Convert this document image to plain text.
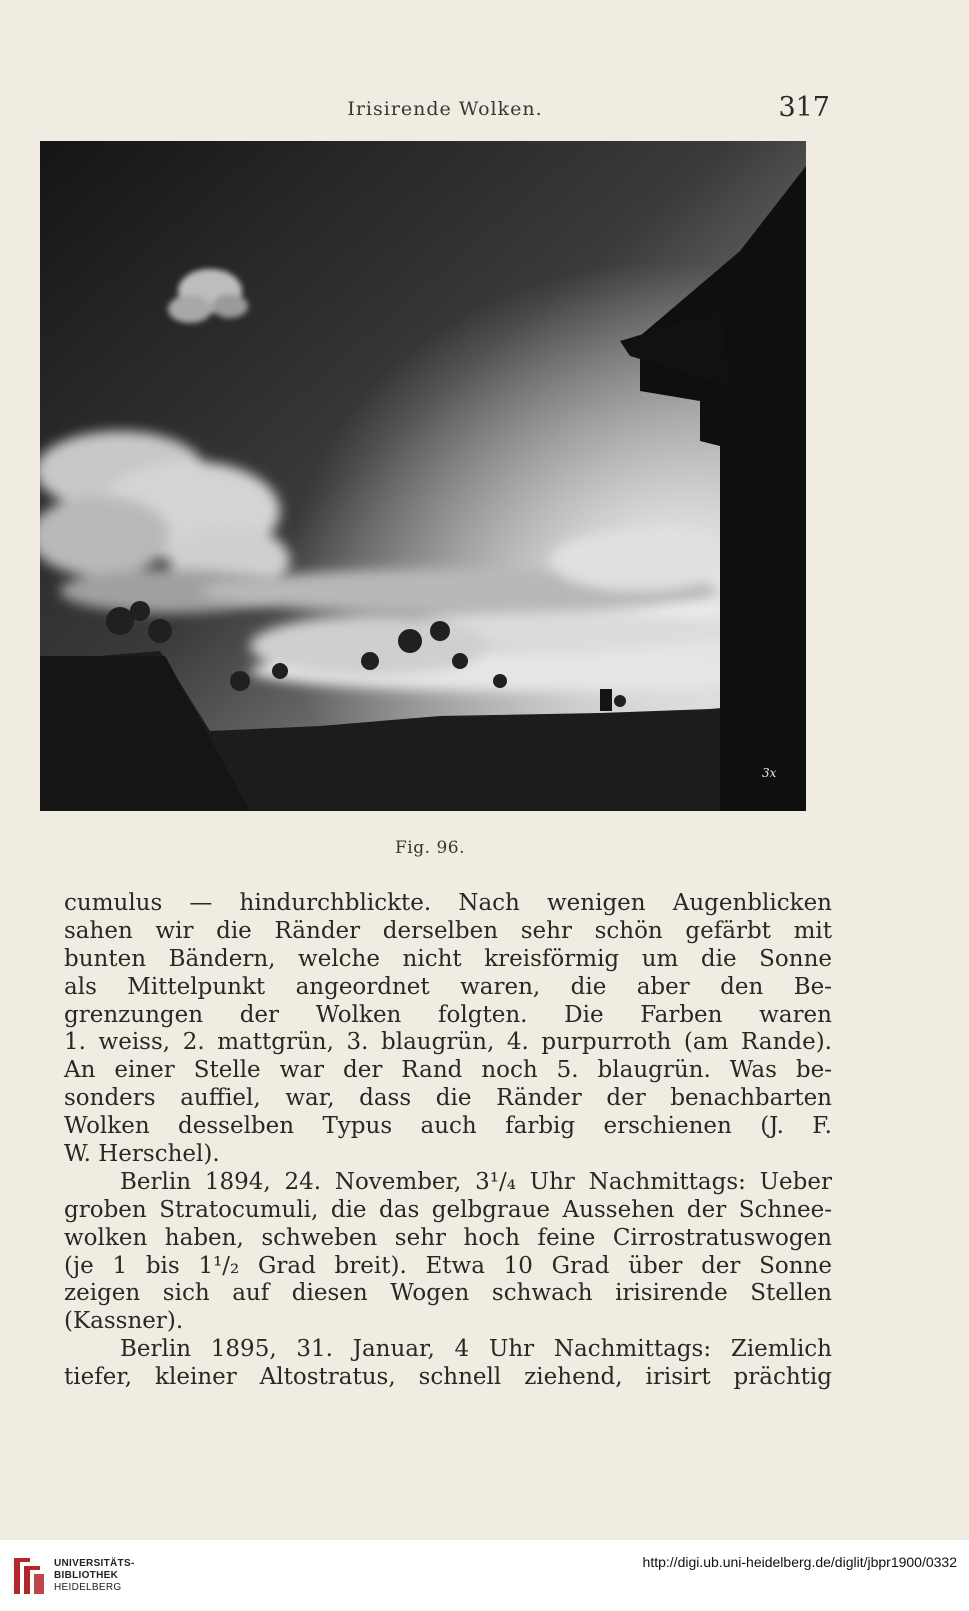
Irisirende Wolken.	317
3x
Fig. 96.
cumulus — hindurchblickte. Nach wenigen Augenblicken
sahen wir die Ränder derselben sehr schön gefärbt mit
bunten Bändern, welche nicht kreisförmig um die Sonne
als Mittelpunkt angeordnet waren, die aber den Be-
grenzungen der Wolken folgten. Die Farben waren
1. weiss, 2. mattgrün, 3. blaugrün, 4. purpurroth (am Rande).
An einer Stelle war der Rand noch 5. blaugrün. Was be-
sonders auffiel, war, dass die Ränder der benachbarten
Wolken desselben Typus auch farbig erschienen (J. F.
W. Herschel).
Berlin 1894, 24. November, 3¹/₄ Uhr Nachmittags: Ueber
groben Stratocumuli, die das gelbgraue Aussehen der Schnee-
wolken haben, schweben sehr hoch feine Cirrostratuswogen
(je 1 bis 1¹/₂ Grad breit). Etwa 10 Grad über der Sonne
zeigen sich auf diesen Wogen schwach irisirende Stellen
(Kassner).
Berlin 1895, 31. Januar, 4 Uhr Nachmittags: Ziemlich
tiefer, kleiner Altostratus, schnell ziehend, irisirt prächtig
UNIVERSITÄTS-
BIBLIOTHEK
HEIDELBERG
http://digi.ub.uni-heidelberg.de/diglit/jbpr1900/0332
